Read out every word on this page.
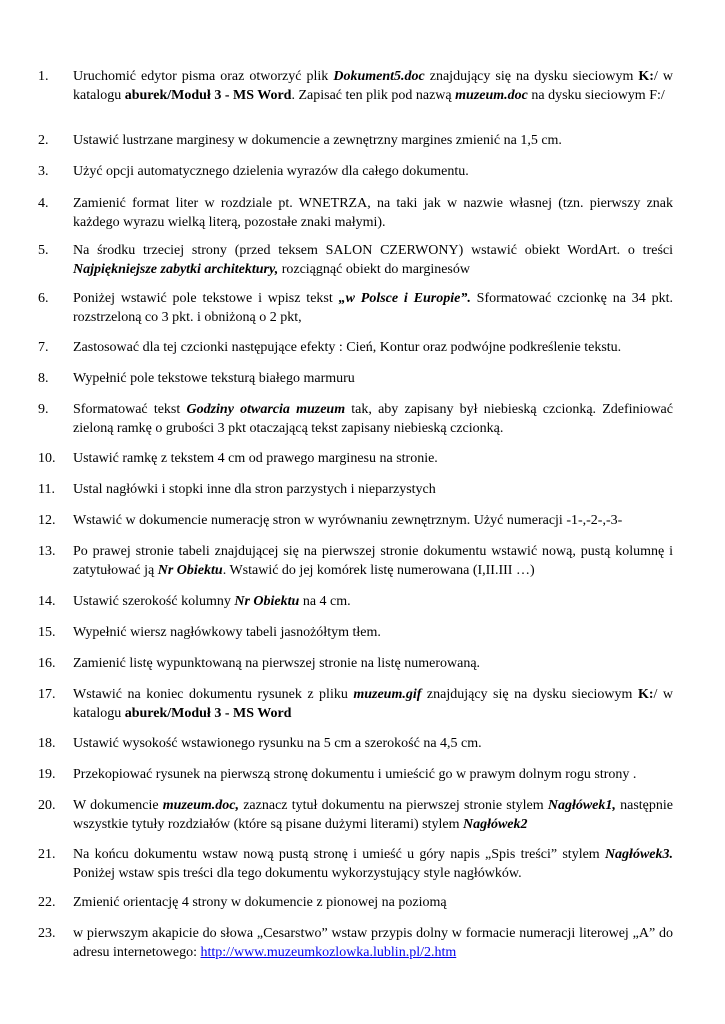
1. Uruchomić edytor pisma oraz otworzyć plik Dokument5.doc znajdujący się na dysku sieciowym K:/ w katalogu aburek/Moduł 3 - MS Word. Zapisać ten plik pod nazwą muzeum.doc na dysku sieciowym F:/
2. Ustawić lustrzane marginesy w dokumencie a zewnętrzny margines zmienić na 1,5 cm.
3. Użyć opcji automatycznego dzielenia wyrazów dla całego dokumentu.
4. Zamienić format liter w rozdziale pt. WNETRZA, na taki jak w nazwie własnej (tzn. pierwszy znak każdego wyrazu wielką literą, pozostałe znaki małymi).
5. Na środku trzeciej strony (przed teksem SALON CZERWONY) wstawić obiekt WordArt. o treści Najpiękniejsze zabytki architektury, rozciągnąć obiekt do marginesów
6. Poniżej wstawić pole tekstowe i wpisz tekst „w Polsce i Europie”. Sformatować czcionkę na 34 pkt. rozstrzeloną co 3 pkt. i obniżoną o 2 pkt,
7. Zastosować dla tej czcionki następujące efekty : Cień, Kontur oraz podwójne podkreślenie tekstu.
8. Wypełnić pole tekstowe teksturą białego marmuru
9. Sformatować tekst Godziny otwarcia muzeum tak, aby zapisany był niebieską czcionką. Zdefiniować zieloną ramkę o grubości 3 pkt otaczającą tekst zapisany niebieską czcionką.
10. Ustawić ramkę z tekstem 4 cm od prawego marginesu na stronie.
11. Ustal nagłówki i stopki inne dla stron parzystych i nieparzystych
12. Wstawić w dokumencie numerację stron w wyrównaniu zewnętrznym. Użyć numeracji -1-,-2-,-3-
13. Po prawej stronie tabeli znajdującej się na pierwszej stronie dokumentu wstawić nową, pustą kolumnę i zatytułować ją Nr Obiektu. Wstawić do jej komórek listę numerowana (I,II.III …)
14. Ustawić szerokość kolumny Nr Obiektu na 4 cm.
15. Wypełnić wiersz nagłówkowy tabeli jasnożółtym tłem.
16. Zamienić listę wypunktowaną na pierwszej stronie na listę numerowaną.
17. Wstawić na koniec dokumentu rysunek z pliku muzeum.gif znajdujący się na dysku sieciowym K:/ w katalogu aburek/Moduł 3 - MS Word
18. Ustawić wysokość wstawionego rysunku na 5 cm a szerokość na 4,5 cm.
19. Przekopiować rysunek na pierwszą stronę dokumentu i umieścić go w prawym dolnym rogu strony .
20. W dokumencie muzeum.doc, zaznacz tytuł dokumentu na pierwszej stronie stylem Nagłówek1, następnie wszystkie tytuły rozdziałów (które są pisane dużymi literami) stylem Nagłówek2
21. Na końcu dokumentu wstaw nową pustą stronę i umieść u góry napis „Spis treści” stylem Nagłówek3. Poniżej wstaw spis treści dla tego dokumentu wykorzystujący style nagłówków.
22. Zmienić orientację 4 strony w dokumencie z pionowej na poziomą
23. w pierwszym akapicie do słowa „Cesarstwo” wstaw przypis dolny w formacie numeracji literowej „A” do adresu internetowego: http://www.muzeumkozlowka.lublin.pl/2.htm
